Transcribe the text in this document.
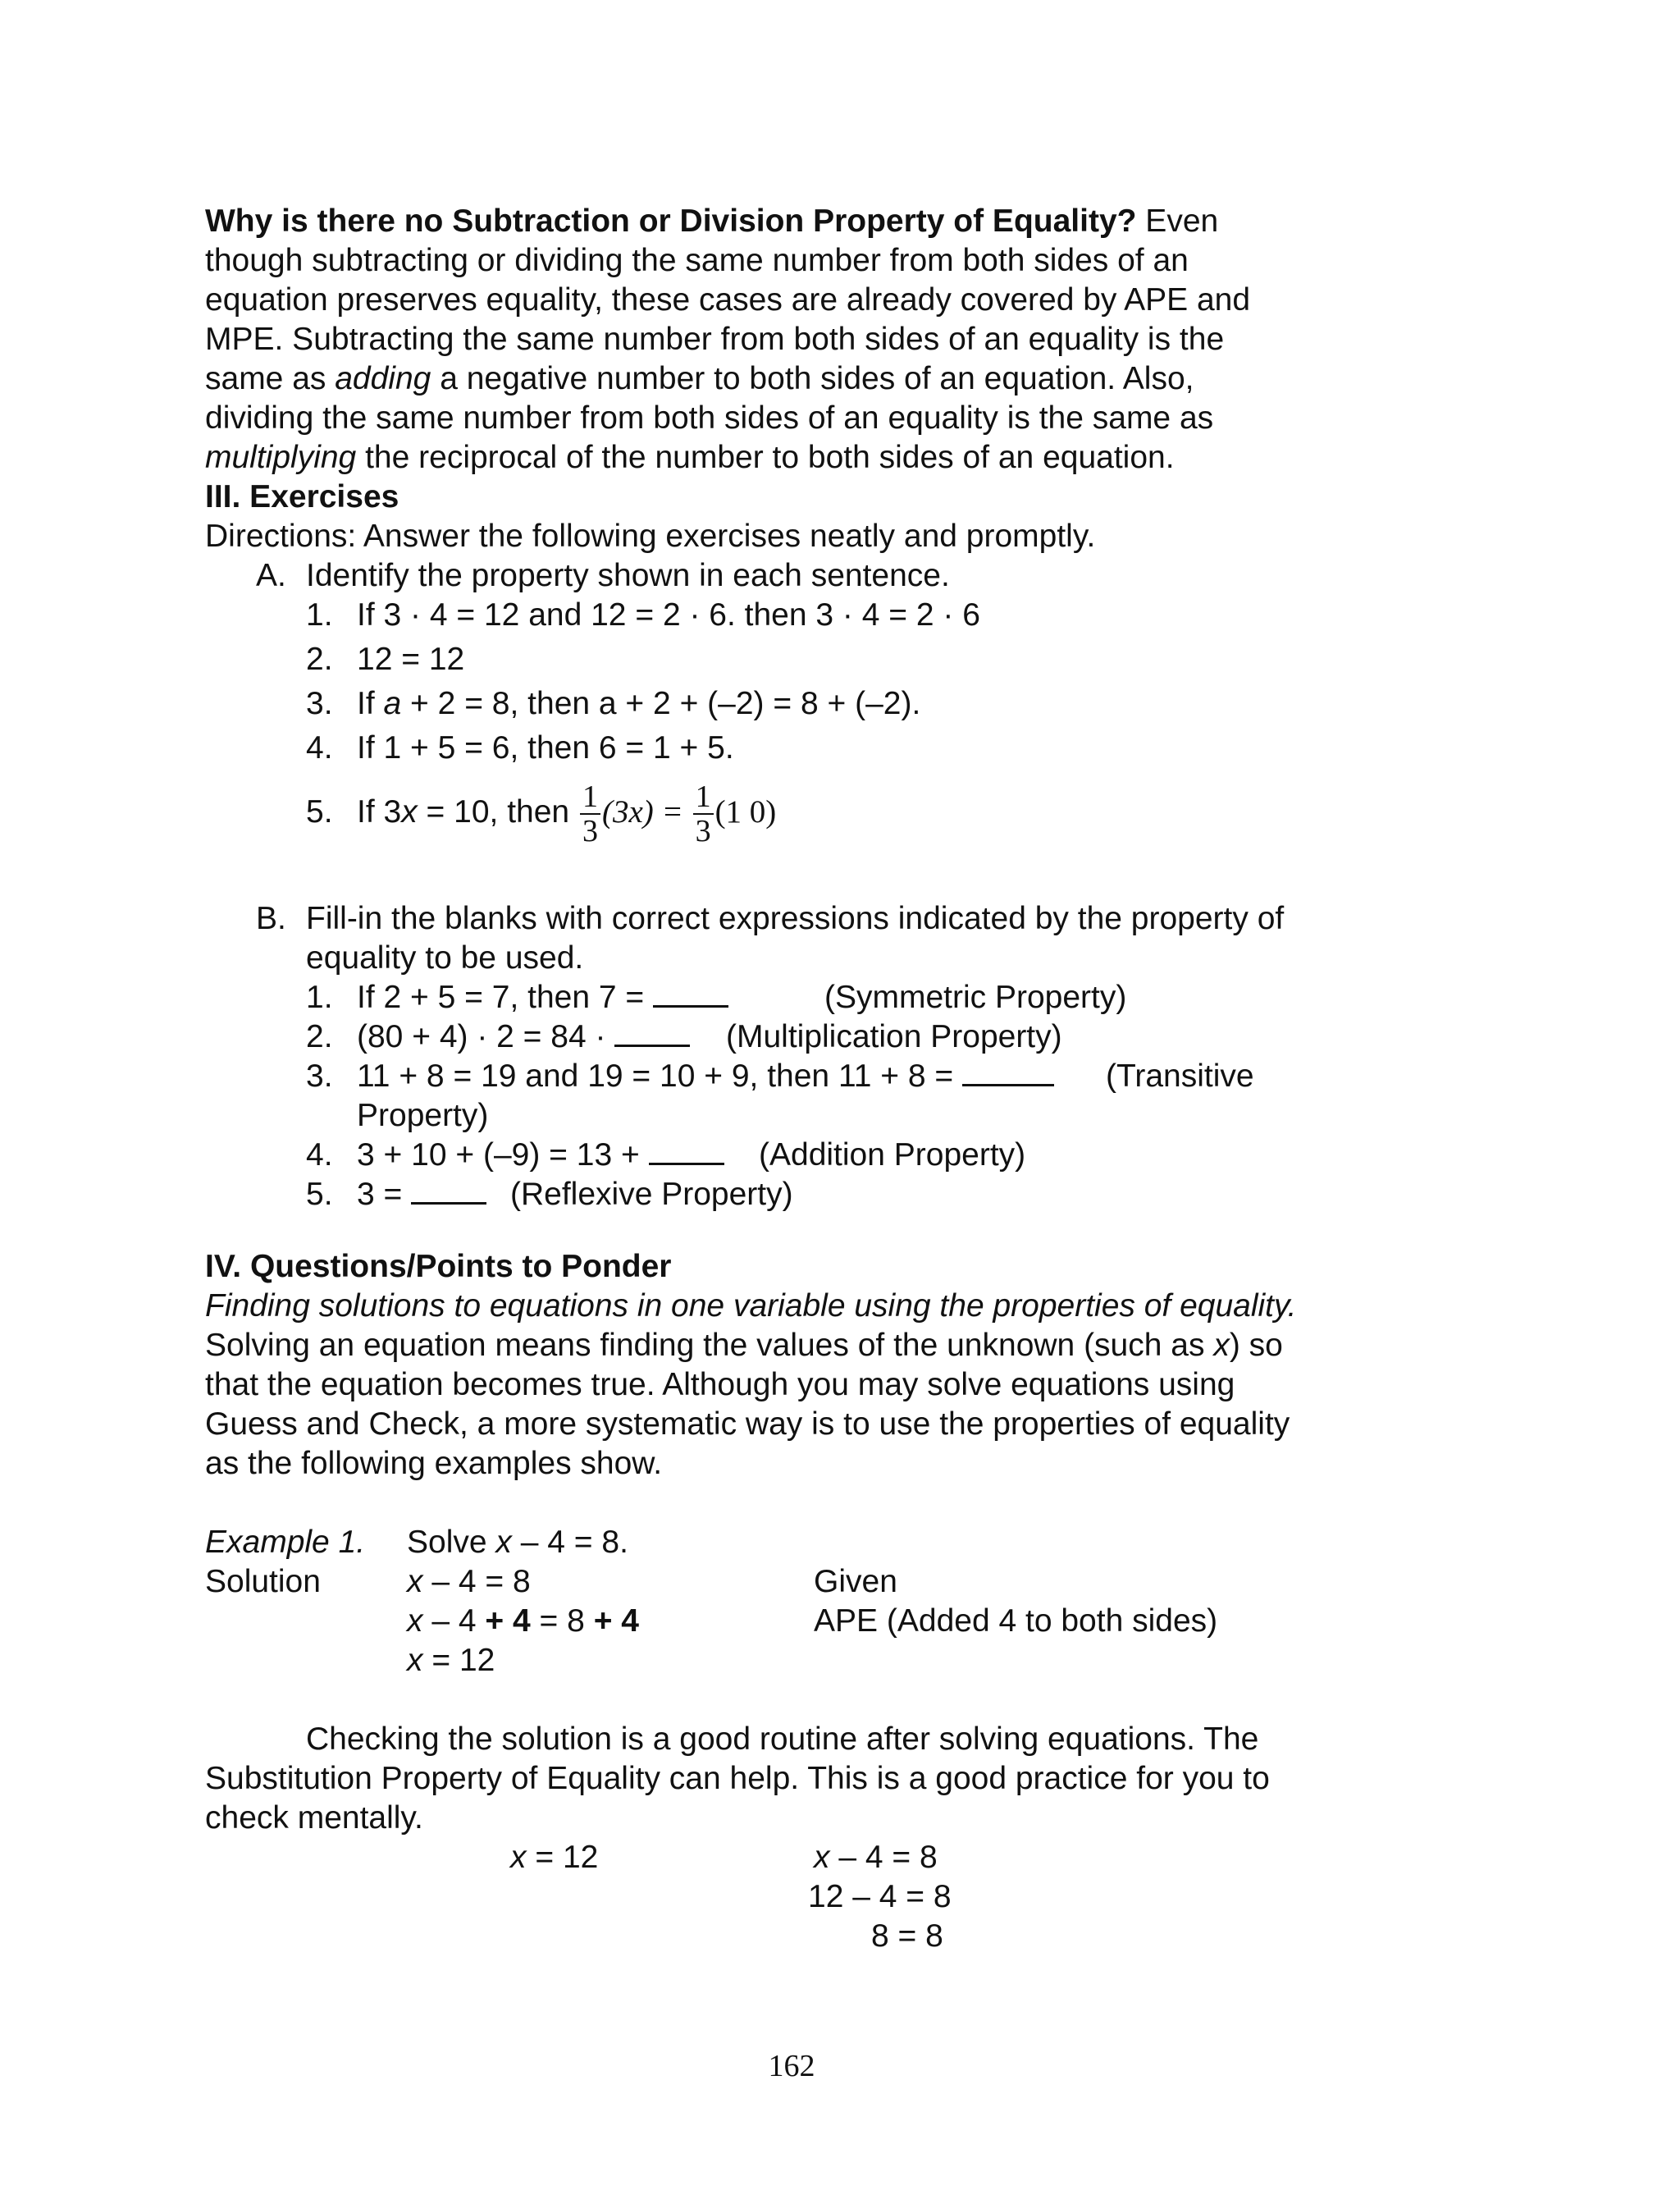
Why is there no Subtraction or Division Property of Equality? Even
though subtracting or dividing the same number from both sides of an
equation preserves equality, these cases are already covered by APE and
MPE. Subtracting the same number from both sides of an equality is the
same as adding a negative number to both sides of an equation. Also,
dividing the same number from both sides of an equality is the same as
multiplying the reciprocal of the number to both sides of an equation.
III. Exercises
Directions: Answer the following exercises neatly and promptly.
A. Identify the property shown in each sentence.
1. If 3 · 4 = 12 and 12 = 2 · 6. then 3 · 4 = 2 · 6
2. 12 = 12
3. If a + 2 = 8, then a + 2 + (–2) = 8 + (–2).
4. If 1 + 5 = 6, then 6 = 1 + 5.
5. If 3x = 10, then $\frac{1}{3} (3x) = \frac{1}{3} (1$ 0)
B. Fill-in the blanks with correct expressions indicated by the property of
equality to be used.
1. If 2 + 5 = 7, then 7 =	(Symmetric Property)
2. (80 + 4) · 2 = 84 ·	(Multiplication Property)
3. 11 + 8 = 19 and 19 = 10 + 9, then 11 + 8 =	(Transitive
Property)
4. 3 + 10 + (–9) = 13 +	(Addition Property)
5. 3 =	(Reflexive Property)
IV. Questions/Points to Ponder
Finding solutions to equations in one variable using the properties of equality.
Solving an equation means finding the values of the unknown (such as x) so
that the equation becomes true. Although you may solve equations using
Guess and Check, a more systematic way is to use the properties of equality
as the following examples show.
Example 1. Solve x – 4 = 8.
Solution	x – 4 = 8	Given
x – 4 + 4 = 8 + 4	APE (Added 4 to both sides)
x = 12
Checking the solution is a good routine after solving equations. The
Substitution Property of Equality can help. This is a good practice for you to
check mentally.
x = 12	x – 4 = 8
12 – 4 = 8
8 = 8
162
